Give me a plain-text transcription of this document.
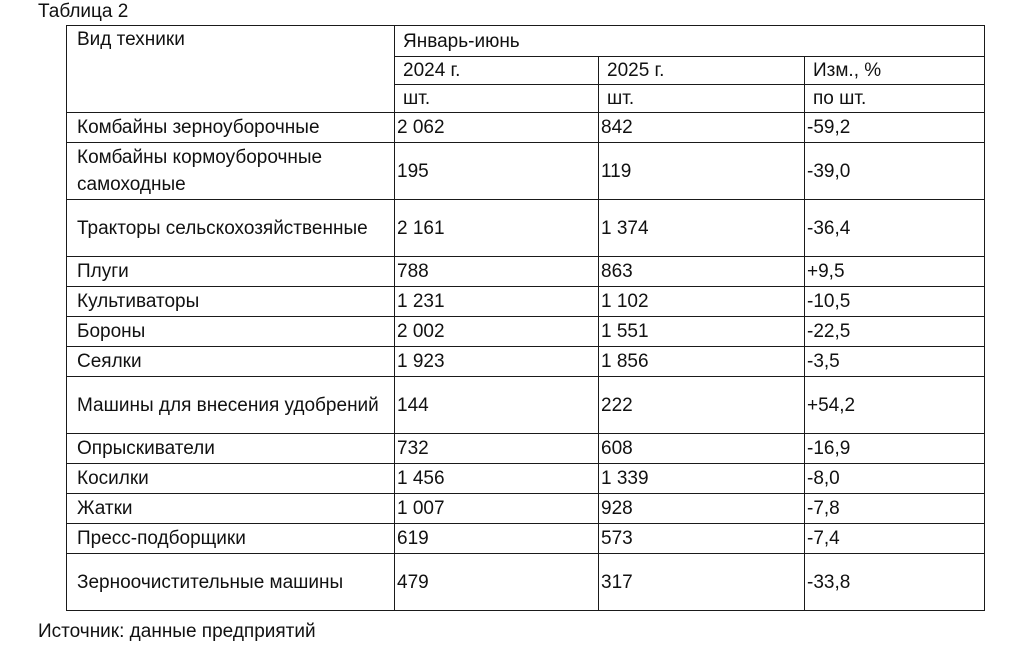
Таблица 2
Вид техники	Январь-июнь		
	2024 г.	2025 г.	Изм., %
	шт.	шт.	по шт.
Комбайны зерноуборочные	2 062	842	-59,2
Комбайны кормоуборочные самоходные	195	119	-39,0
Тракторы сельскохозяйственные	2 161	1 374	-36,4
Плуги	788	863	+9,5
Культиваторы	1 231	1 102	-10,5
Бороны	2 002	1 551	-22,5
Сеялки	1 923	1 856	-3,5
Машины для внесения удобрений	144	222	+54,2
Опрыскиватели	732	608	-16,9
Косилки	1 456	1 339	-8,0
Жатки	1 007	928	-7,8
Пресс-подборщики	619	573	-7,4
Зерноочистительные машины	479	317	-33,8
Источник: данные предприятий
